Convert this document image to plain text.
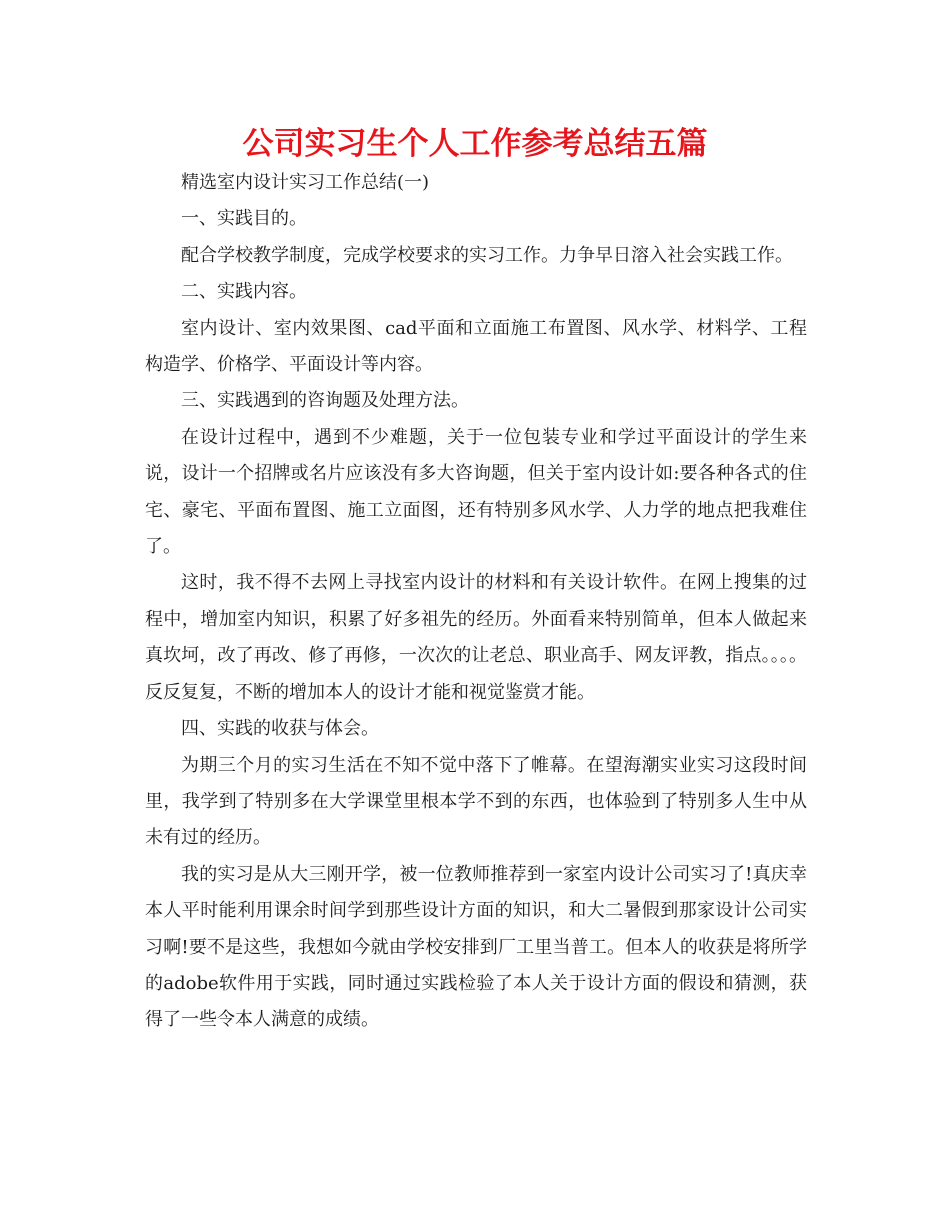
公司实习生个人工作参考总结五篇

精选室内设计实习工作总结(一)

一、实践目的。

配合学校教学制度，完成学校要求的实习工作。力争早日溶入社会实践工作。

二、实践内容。

室内设计、室内效果图、cad平面和立面施工布置图、风水学、材料学、工程构造学、价格学、平面设计等内容。

三、实践遇到的咨询题及处理方法。

在设计过程中，遇到不少难题，关于一位包装专业和学过平面设计的学生来说，设计一个招牌或名片应该没有多大咨询题，但关于室内设计如:要各种各式的住宅、豪宅、平面布置图、施工立面图，还有特别多风水学、人力学的地点把我难住了。

这时，我不得不去网上寻找室内设计的材料和有关设计软件。在网上搜集的过程中，增加室内知识，积累了好多祖先的经历。外面看来特别简单，但本人做起来真坎坷，改了再改、修了再修，一次次的让老总、职业高手、网友评教，指点。。。。反反复复，不断的增加本人的设计才能和视觉鉴赏才能。

四、实践的收获与体会。

为期三个月的实习生活在不知不觉中落下了帷幕。在望海潮实业实习这段时间里，我学到了特别多在大学课堂里根本学不到的东西，也体验到了特别多人生中从未有过的经历。

我的实习是从大三刚开学，被一位教师推荐到一家室内设计公司实习了!真庆幸本人平时能利用课余时间学到那些设计方面的知识，和大二暑假到那家设计公司实习啊!要不是这些，我想如今就由学校安排到厂工里当普工。但本人的收获是将所学的adobe软件用于实践，同时通过实践检验了本人关于设计方面的假设和猜测，获得了一些令本人满意的成绩。
